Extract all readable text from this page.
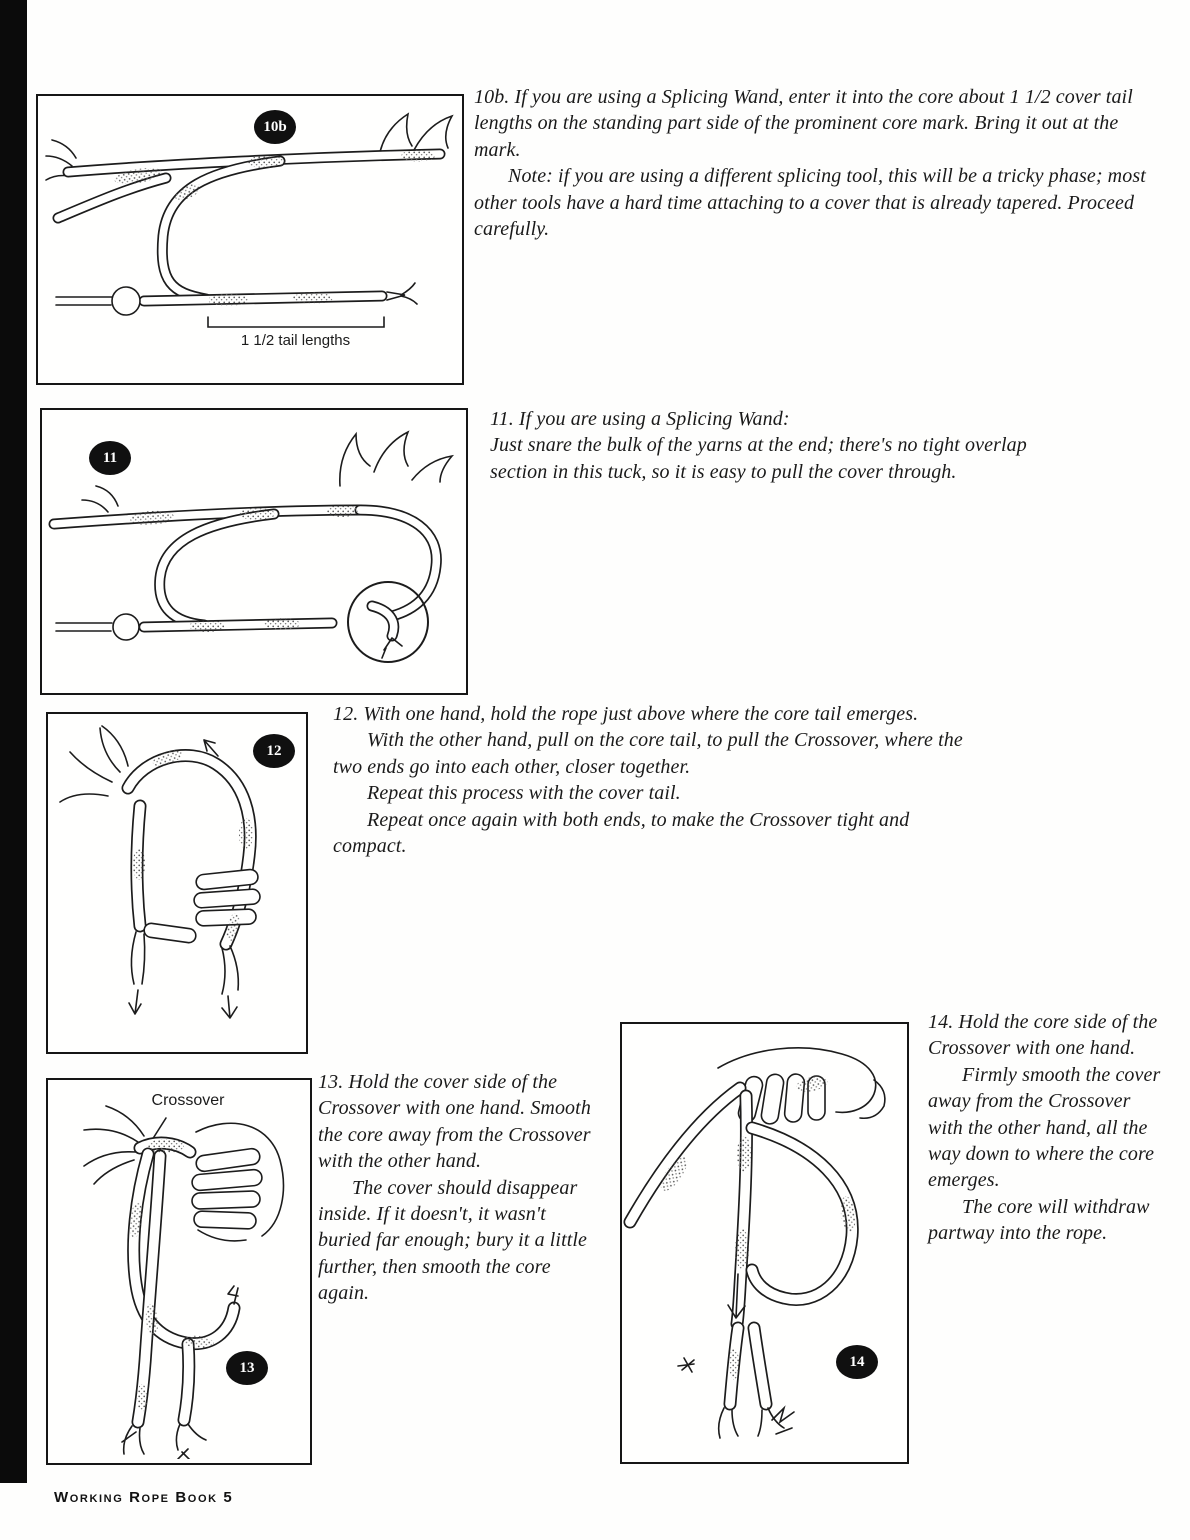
10b
1 1/2 tail lengths

10b. If you are using a Splicing Wand, enter it into the core about 1 1/2 cover tail lengths on the standing part side of the prominent core mark. Bring it out at the mark.

Note: if you are using a different splicing tool, this will be a tricky phase; most other tools have a hard time attaching to a cover that is already tapered. Proceed carefully.

11

11. If you are using a Splicing Wand:

Just snare the bulk of the yarns at the end; there's no tight overlap section in this tuck, so it is easy to pull the cover through.

12

12. With one hand, hold the rope just above where the core tail emerges.

With the other hand, pull on the core tail, to pull the Crossover, where the two ends go into each other, closer together.

Repeat this process with the cover tail.

Repeat once again with both ends, to make the Crossover tight and compact.

Crossover
13

13. Hold the cover side of the Crossover with one hand. Smooth the core away from the Crossover with the other hand.

The cover should disappear inside. If it doesn't, it wasn't buried far enough; bury it a little further, then smooth the core again.

14

14. Hold the core side of the Crossover with one hand.

Firmly smooth the cover away from the Crossover with the other hand, all the way down to where the core emerges.

The core will withdraw partway into the rope.

Working Rope Book 5
